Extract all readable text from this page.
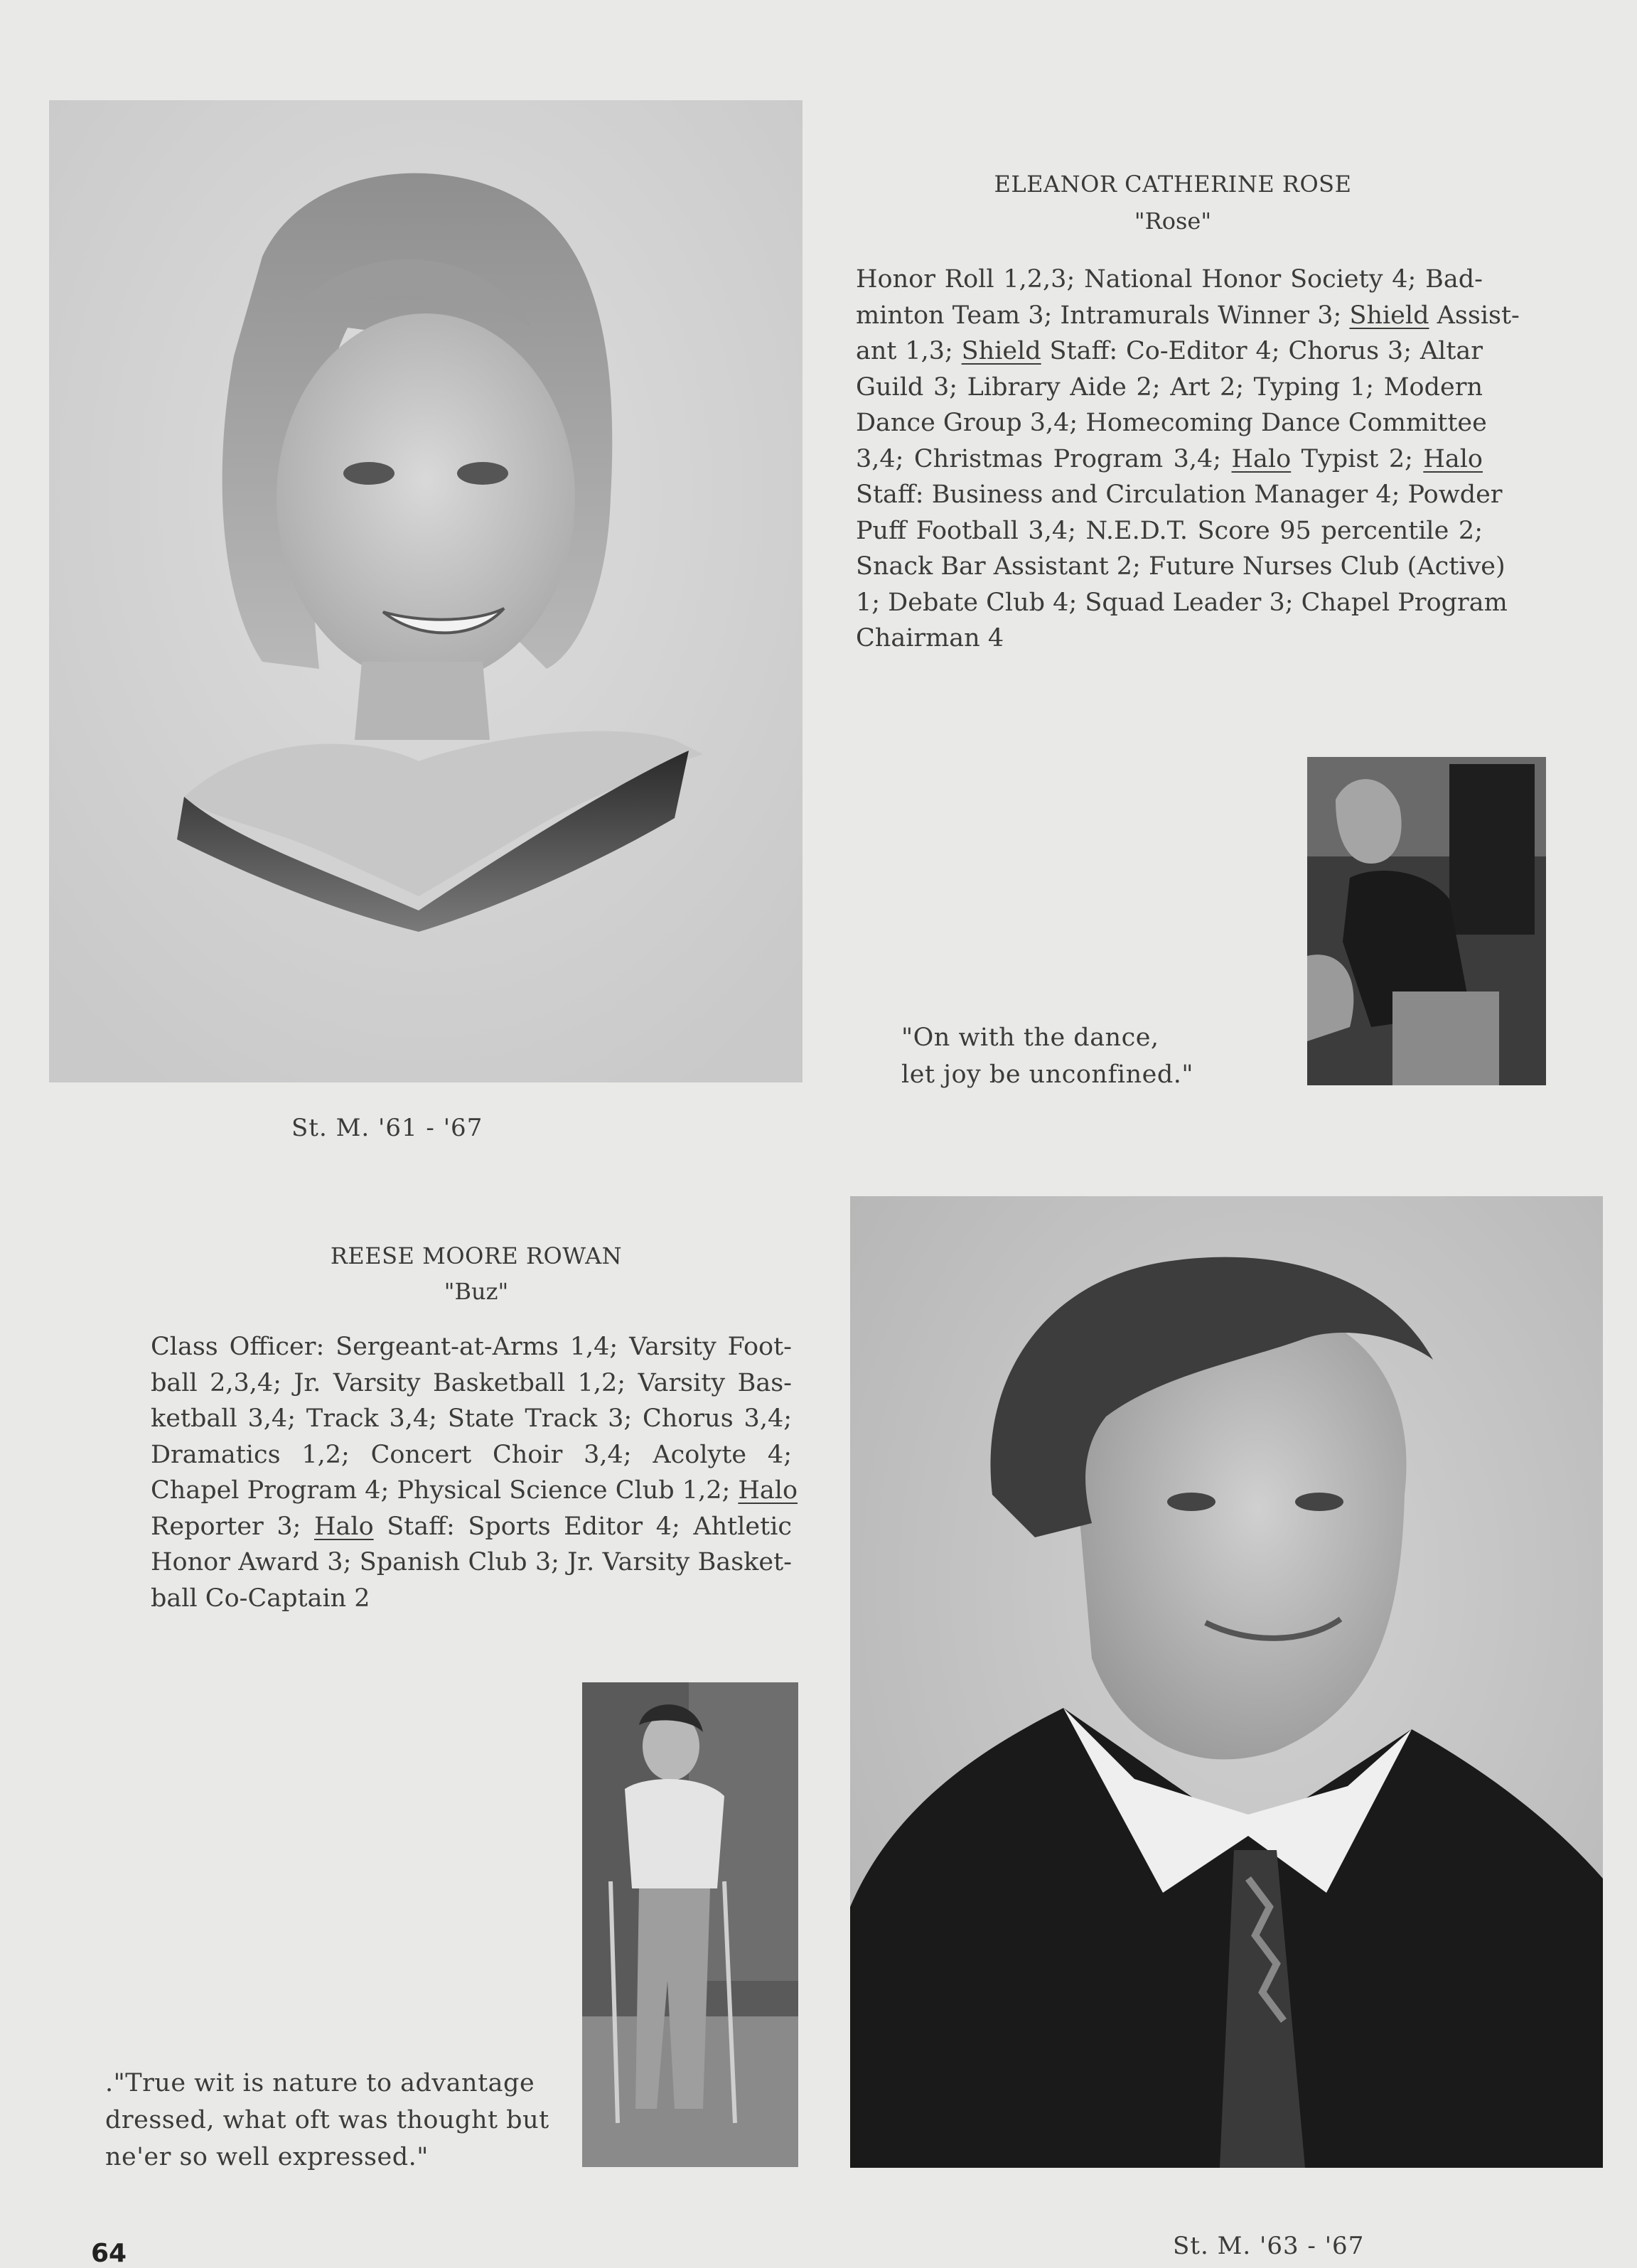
ELEANOR CATHERINE ROSE
"Rose"
Honor Roll 1,2,3; National Honor Society 4; Bad-
minton Team 3; Intramurals Winner 3; Shield Assist-
ant 1,3; Shield Staff: Co-Editor 4; Chorus 3; Altar
Guild 3; Library Aide 2; Art 2; Typing 1; Modern
Dance Group 3,4; Homecoming Dance Committee
3,4; Christmas Program 3,4; Halo Typist 2; Halo
Staff: Business and Circulation Manager 4; Powder
Puff Football 3,4; N.E.D.T. Score 95 percentile 2;
Snack Bar Assistant 2; Future Nurses Club (Active)
1; Debate Club 4; Squad Leader 3; Chapel Program
Chairman 4
"On with the dance,
let joy be unconfined."
St. M. '61 - '67
REESE MOORE ROWAN
"Buz"
Class Officer: Sergeant-at-Arms 1,4; Varsity Foot-
ball 2,3,4; Jr. Varsity Basketball 1,2; Varsity Bas-
ketball 3,4; Track 3,4; State Track 3; Chorus 3,4;
Dramatics 1,2; Concert Choir 3,4; Acolyte 4;
Chapel Program 4; Physical Science Club 1,2; Halo
Reporter 3; Halo Staff: Sports Editor 4; Ahtletic
Honor Award 3; Spanish Club 3; Jr. Varsity Basket-
ball Co-Captain 2
."True wit is nature to advantage
dressed, what oft was thought but
ne'er so well expressed."
64	St. M. '63 - '67
